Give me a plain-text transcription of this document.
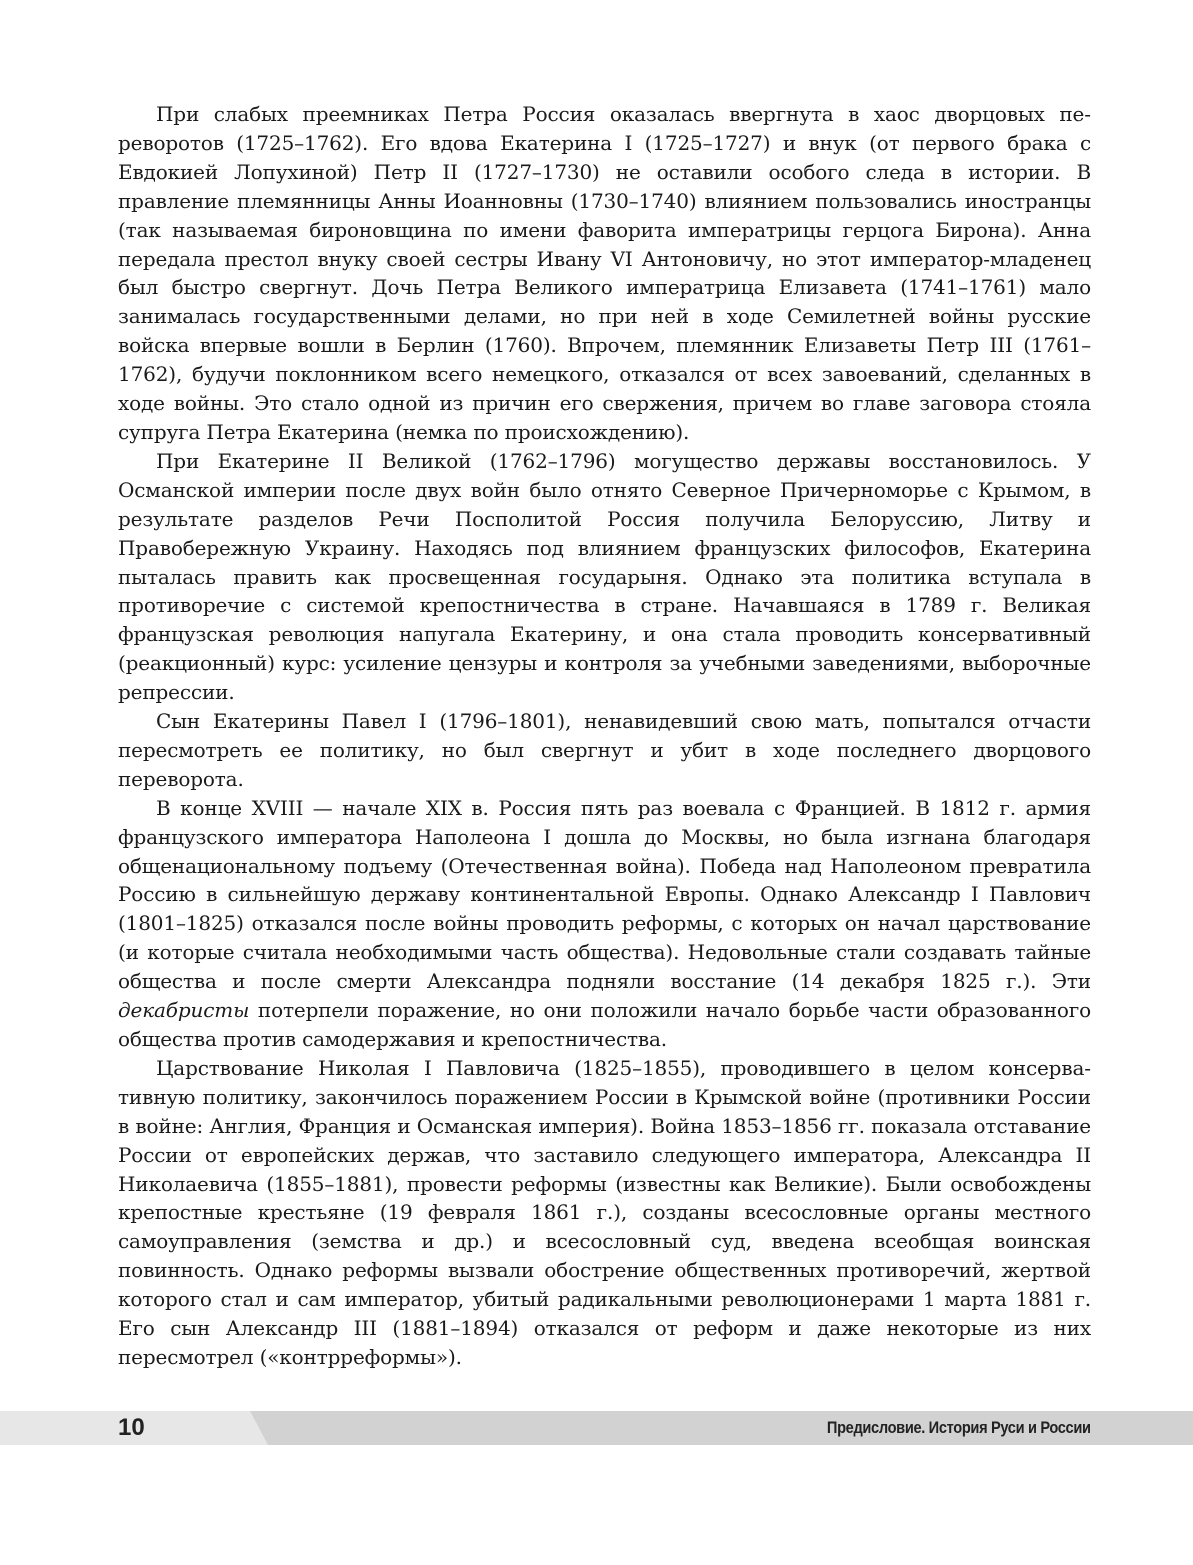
При слабых преемниках Петра Россия оказалась ввергнута в хаос дворцовых переворотов (1725–1762). Его вдова Екатерина I (1725–1727) и внук (от первого брака с Евдокией Лопухиной) Петр II (1727–1730) не оставили особого следа в истории. В правление племянницы Анны Иоанновны (1730–1740) влиянием пользовались иностранцы (так называемая бироновщина по имени фаворита императрицы герцога Бирона). Анна передала престол внуку своей сестры Ивану VI Антоновичу, но этот император-младенец был быстро свергнут. Дочь Петра Великого императрица Елизавета (1741–1761) мало занималась государственными делами, но при ней в ходе Семилетней войны русские войска впервые вошли в Берлин (1760). Впрочем, племянник Елизаветы Петр III (1761–1762), будучи поклонником всего немецкого, отказался от всех завоеваний, сделанных в ходе войны. Это стало одной из причин его свержения, причем во главе заговора стояла супруга Петра Екатерина (немка по происхождению).

При Екатерине II Великой (1762–1796) могущество державы восстановилось. У Османской империи после двух войн было отнято Северное Причерноморье с Крымом, в результате разделов Речи Посполитой Россия получила Белоруссию, Литву и Правобережную Украину. Находясь под влиянием французских философов, Екатерина пыталась править как просвещенная государыня. Однако эта политика вступала в противоречие с системой крепостничества в стране. Начавшаяся в 1789 г. Великая французская революция напугала Екатерину, и она стала проводить консервативный (реакционный) курс: усиление цензуры и контроля за учебными заведениями, выборочные репрессии.

Сын Екатерины Павел I (1796–1801), ненавидевший свою мать, попытался отчасти пересмотреть ее политику, но был свергнут и убит в ходе последнего дворцового переворота.

В конце XVIII — начале XIX в. Россия пять раз воевала с Францией. В 1812 г. армия французского императора Наполеона I дошла до Москвы, но была изгнана благодаря общенациональному подъему (Отечественная война). Победа над Наполеоном превратила Россию в сильнейшую державу континентальной Европы. Однако Александр I Павлович (1801–1825) отказался после войны проводить реформы, с которых он начал царствование (и которые считала необходимыми часть общества). Недовольные стали создавать тайные общества и после смерти Александра подняли восстание (14 декабря 1825 г.). Эти декабристы потерпели поражение, но они положили начало борьбе части образованного общества против самодержавия и крепостничества.

Царствование Николая I Павловича (1825–1855), проводившего в целом консервативную политику, закончилось поражением России в Крымской войне (противники России в войне: Англия, Франция и Османская империя). Война 1853–1856 гг. показала отставание России от европейских держав, что заставило следующего императора, Александра II Николаевича (1855–1881), провести реформы (известны как Великие). Были освобождены крепостные крестьяне (19 февраля 1861 г.), созданы всесословные органы местного самоуправления (земства и др.) и всесословный суд, введена всеобщая воинская повинность. Однако реформы вызвали обострение общественных противоречий, жертвой которого стал и сам император, убитый радикальными революционерами 1 марта 1881 г. Его сын Александр III (1881–1894) отказался от реформ и даже некоторые из них пересмотрел («контрреформы»).

10	Предисловие. История Руси и России
